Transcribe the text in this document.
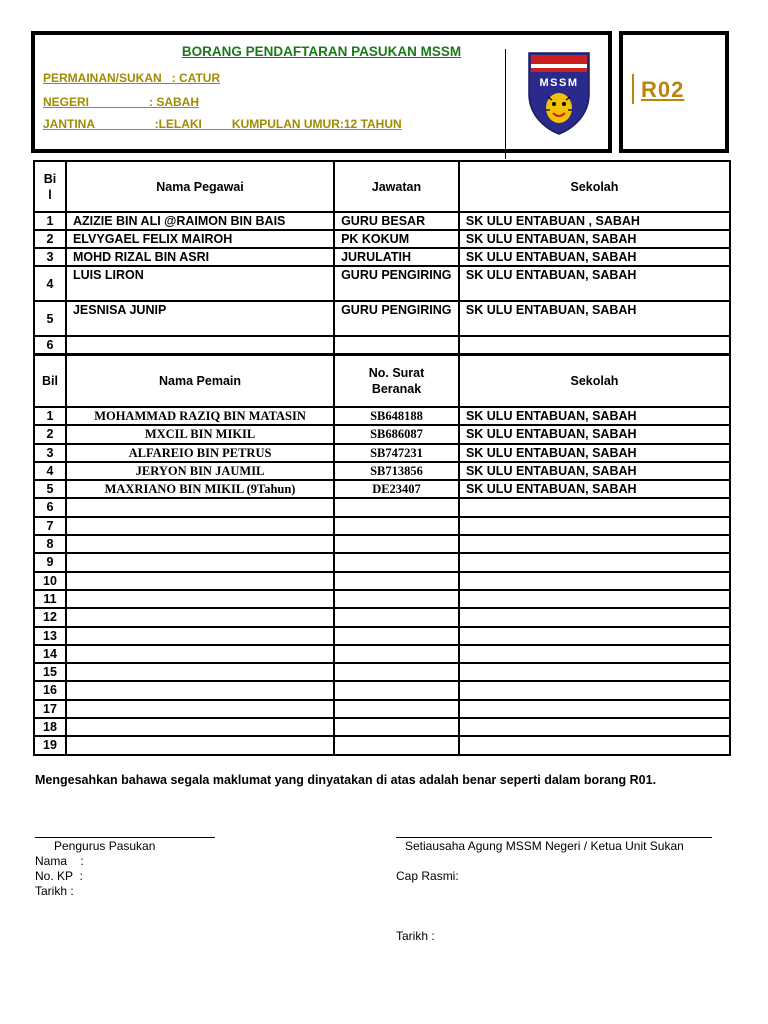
BORANG PENDAFTARAN PASUKAN MSSM
PERMAINAN/SUKAN   : CATUR
NEGERI                  : SABAH
JANTINA                  :LELAKI         KUMPULAN UMUR:12 TAHUN
MSSM	R02
Bi l	Nama Pegawai	Jawatan	Sekolah
1	AZIZIE BIN ALI @RAIMON BIN BAIS	GURU BESAR	SK ULU ENTABUAN , SABAH
2	ELVYGAEL FELIX MAIROH	PK KOKUM	SK ULU ENTABUAN, SABAH
3	MOHD RIZAL BIN ASRI	JURULATIH	SK ULU ENTABUAN, SABAH
4	LUIS LIRON	GURU PENGIRING	SK ULU ENTABUAN, SABAH
5	JESNISA JUNIP	GURU PENGIRING	SK ULU ENTABUAN, SABAH
6			
Bil	Nama Pemain	No. Surat Beranak	Sekolah
1	MOHAMMAD RAZIQ BIN MATASIN	SB648188	SK ULU ENTABUAN, SABAH
2	MXCIL BIN MIKIL	SB686087	SK ULU ENTABUAN, SABAH
3	ALFAREIO BIN PETRUS	SB747231	SK ULU ENTABUAN, SABAH
4	JERYON BIN JAUMIL	SB713856	SK ULU ENTABUAN, SABAH
5	MAXRIANO BIN MIKIL (9Tahun)	DE23407	SK ULU ENTABUAN, SABAH
6			
7			
8			
9			
10			
11			
12			
13			
14			
15			
16			
17			
18			
19			
Mengesahkan bahawa segala maklumat yang dinyatakan di atas adalah benar seperti dalam borang R01.
Pengurus Pasukan
Nama    :
No. KP  :
Tarikh :
Setiausaha Agung MSSM Negeri / Ketua Unit Sukan
Cap Rasmi:
Tarikh :
